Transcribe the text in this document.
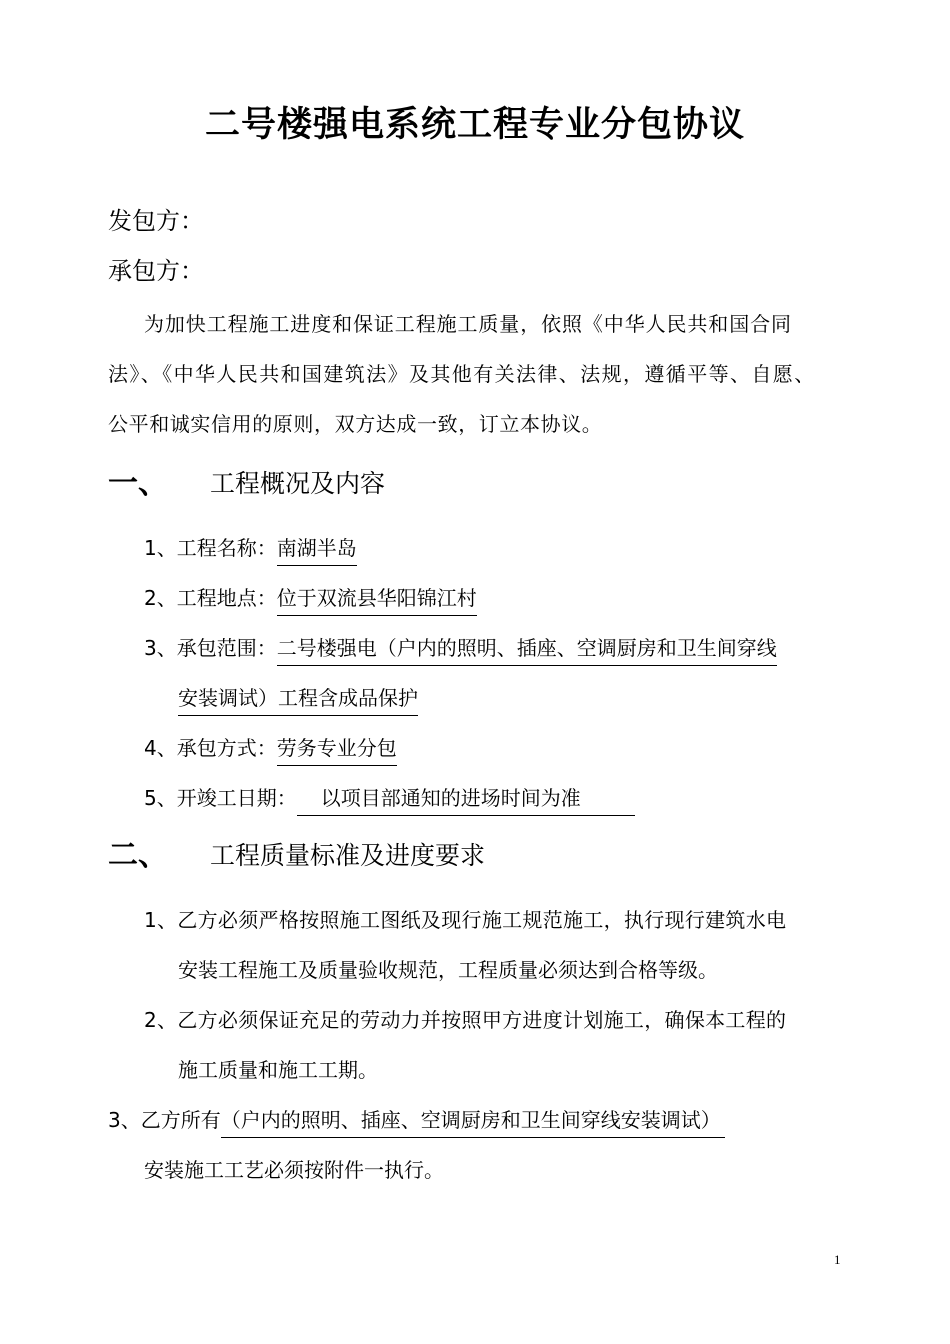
二号楼强电系统工程专业分包协议

发包方：

承包方：

为加快工程施工进度和保证工程施工质量，依照《中华人民共和国合同

法》、《中华人民共和国建筑法》及其他有关法律、法规，遵循平等、自愿、

公平和诚实信用的原则，双方达成一致，订立本协议。

一、 工程概况及内容
1、工程名称：南湖半岛
2、工程地点：位于双流县华阳锦江村
3、承包范围：二号楼强电（户内的照明、插座、空调厨房和卫生间穿线
安装调试）工程含成品保护
4、承包方式：劳务专业分包
5、开竣工日期： 以项目部通知的进场时间为准
二、 工程质量标准及进度要求

1、乙方必须严格按照施工图纸及现行施工规范施工，执行现行建筑水电

安装工程施工及质量验收规范，工程质量必须达到合格等级。

2、乙方必须保证充足的劳动力并按照甲方进度计划施工，确保本工程的

施工质量和施工工期。

3、乙方所有（户内的照明、插座、空调厨房和卫生间穿线安装调试）

安装施工工艺必须按附件一执行。

1
